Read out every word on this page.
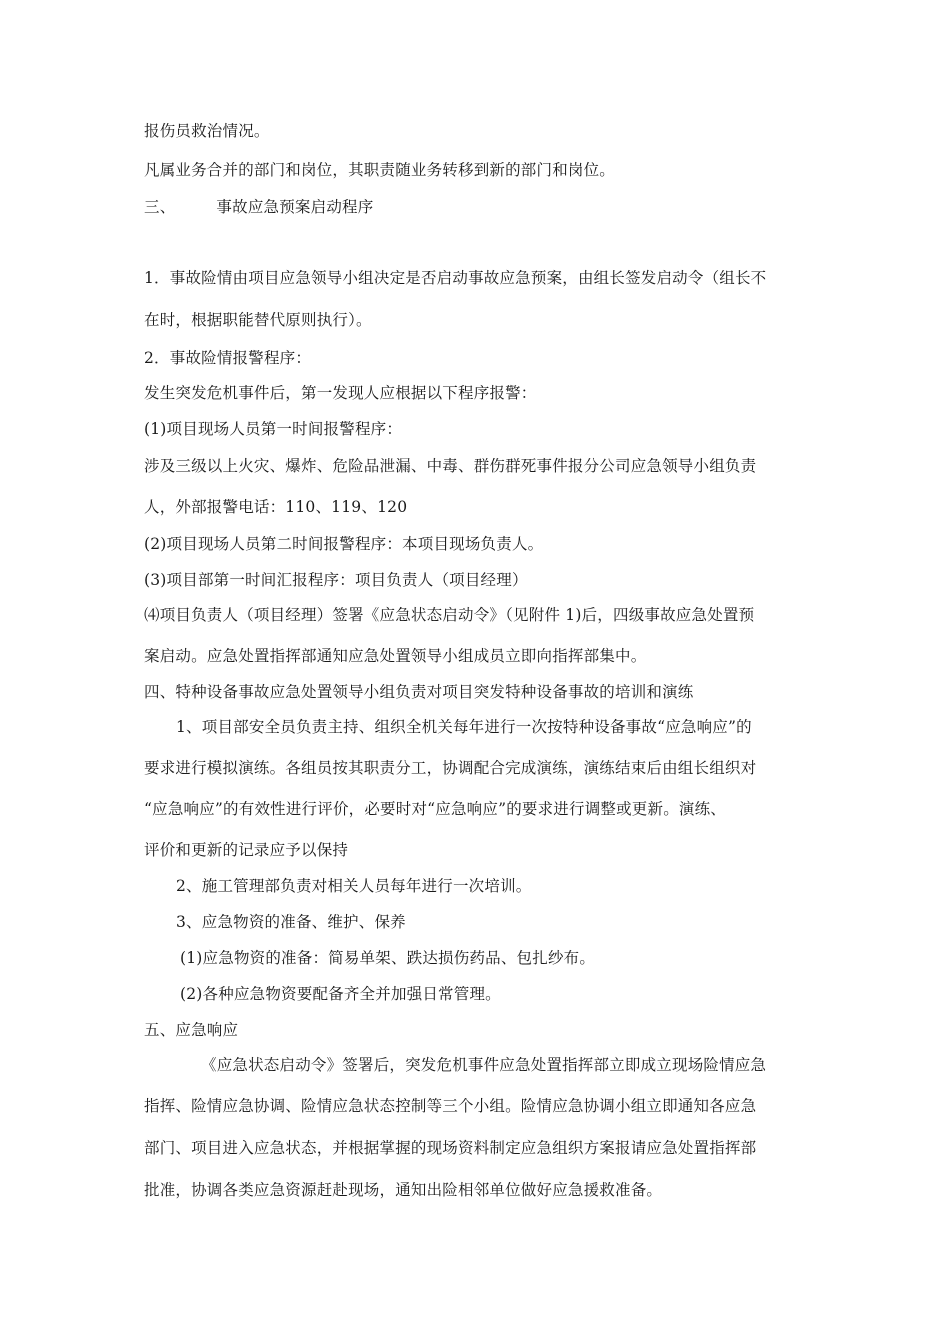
报伤员救治情况。
凡属业务合并的部门和岗位，其职责随业务转移到新的部门和岗位。
三、        事故应急预案启动程序
1．事故险情由项目应急领导小组决定是否启动事故应急预案，由组长签发启动令（组长不
在时，根据职能替代原则执行）。
2．事故险情报警程序：
发生突发危机事件后，第一发现人应根据以下程序报警：
(1)项目现场人员第一时间报警程序：
涉及三级以上火灾、爆炸、危险品泄漏、中毒、群伤群死事件报分公司应急领导小组负责
人，外部报警电话：110、119、120
(2)项目现场人员第二时间报警程序：本项目现场负责人。
(3)项目部第一时间汇报程序：项目负责人（项目经理）
⑷项目负责人（项目经理）签署《应急状态启动令》（见附件 1)后，四级事故应急处置预
案启动。应急处置指挥部通知应急处置领导小组成员立即向指挥部集中。
四、特种设备事故应急处置领导小组负责对项目突发特种设备事故的培训和演练
1、项目部安全员负责主持、组织全机关每年进行一次按特种设备事故“应急响应”的
要求进行模拟演练。各组员按其职责分工，协调配合完成演练，演练结束后由组长组织对
“应急响应”的有效性进行评价，必要时对“应急响应”的要求进行调整或更新。演练、
评价和更新的记录应予以保持
2、施工管理部负责对相关人员每年进行一次培训。
3、应急物资的准备、维护、保养
(1)应急物资的准备：简易单架、跌达损伤药品、包扎纱布。
(2)各种应急物资要配备齐全并加强日常管理。
五、应急响应
《应急状态启动令》签署后，突发危机事件应急处置指挥部立即成立现场险情应急
指挥、险情应急协调、险情应急状态控制等三个小组。险情应急协调小组立即通知各应急
部门、项目进入应急状态，并根据掌握的现场资料制定应急组织方案报请应急处置指挥部
批准，协调各类应急资源赶赴现场，通知出险相邻单位做好应急援救准备。
